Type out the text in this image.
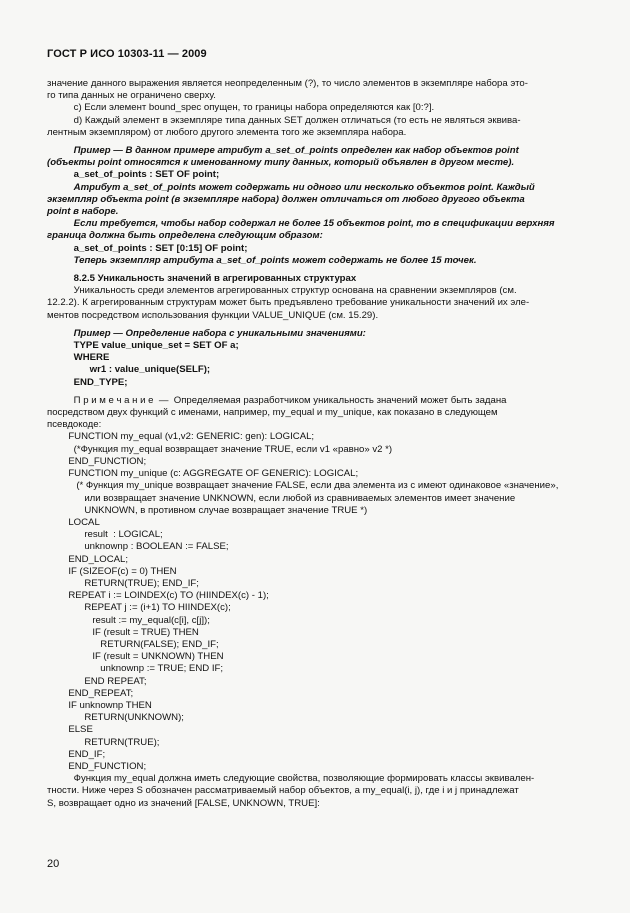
ГОСТ Р ИСО 10303-11 — 2009
значение данного выражения является неопределенным (?), то число элементов в экземпляре набора это-
го типа данных не ограничено сверху.
c) Если элемент bound_spec опущен, то границы набора определяются как [0:?].
d) Каждый элемент в экземпляре типа данных SET должен отличаться (то есть не являться эквива-
лентным экземпляром) от любого другого элемента того же экземпляра набора.
Пример — В данном примере атрибут a_set_of_points определен как набор объектов point
(объекты point относятся к именованному типу данных, который объявлен в другом месте).
a_set_of_points : SET OF point;
Атрибут a_set_of_points может содержать ни одного или несколько объектов point. Каждый
экземпляр объекта point (в экземпляре набора) должен отличаться от любого другого объекта
point в наборе.
Если требуется, чтобы набор содержал не более 15 объектов point, то в спецификации верхняя
граница должна быть определена следующим образом:
a_set_of_points : SET [0:15] OF point;
Теперь экземпляр атрибута a_set_of_points может содержать не более 15 точек.
8.2.5 Уникальность значений в агрегированных структурах
Уникальность среди элементов агрегированных структур основана на сравнении экземпляров (см.
12.2.2). К агрегированным структурам может быть предъявлено требование уникальности значений их эле-
ментов посредством использования функции VALUE_UNIQUE (см. 15.29).
Пример — Определение набора с уникальными значениями:
TYPE value_unique_set = SET OF a;
WHERE
wr1 : value_unique(SELF);
END_TYPE;
П р и м е ч а н и е  —  Определяемая разработчиком уникальность значений может быть задана
посредством двух функций с именами, например, my_equal и my_unique, как показано в следующем
псевдокоде:
FUNCTION my_equal (v1,v2: GENERIC: gen): LOGICAL;
(*Функция my_equal возвращает значение TRUE, если v1 «равно» v2 *)
END_FUNCTION;
FUNCTION my_unique (c: AGGREGATE OF GENERIC): LOGICAL;
(* Функция my_unique возвращает значение FALSE, если два элемента из c имеют одинаковое «значение»,
или возвращает значение UNKNOWN, если любой из сравниваемых элементов имеет значение
UNKNOWN, в противном случае возвращает значение TRUE *)
LOCAL
result  : LOGICAL;
unknownp : BOOLEAN := FALSE;
END_LOCAL;
IF (SIZEOF(c) = 0) THEN
RETURN(TRUE); END_IF;
REPEAT i := LOINDEX(c) TO (HIINDEX(c) - 1);
REPEAT j := (i+1) TO HIINDEX(c);
result := my_equal(c[i], c[j]);
IF (result = TRUE) THEN
RETURN(FALSE); END_IF;
IF (result = UNKNOWN) THEN
unknownp := TRUE; END IF;
END REPEAT;
END_REPEAT;
IF unknownp THEN
RETURN(UNKNOWN);
ELSE
RETURN(TRUE);
END_IF;
END_FUNCTION;
Функция my_equal должна иметь следующие свойства, позволяющие формировать классы эквивален-
тности. Ниже через S обозначен рассматриваемый набор объектов, а my_equal(i, j), где i и j принадлежат
S, возвращает одно из значений [FALSE, UNKNOWN, TRUE]:
20
